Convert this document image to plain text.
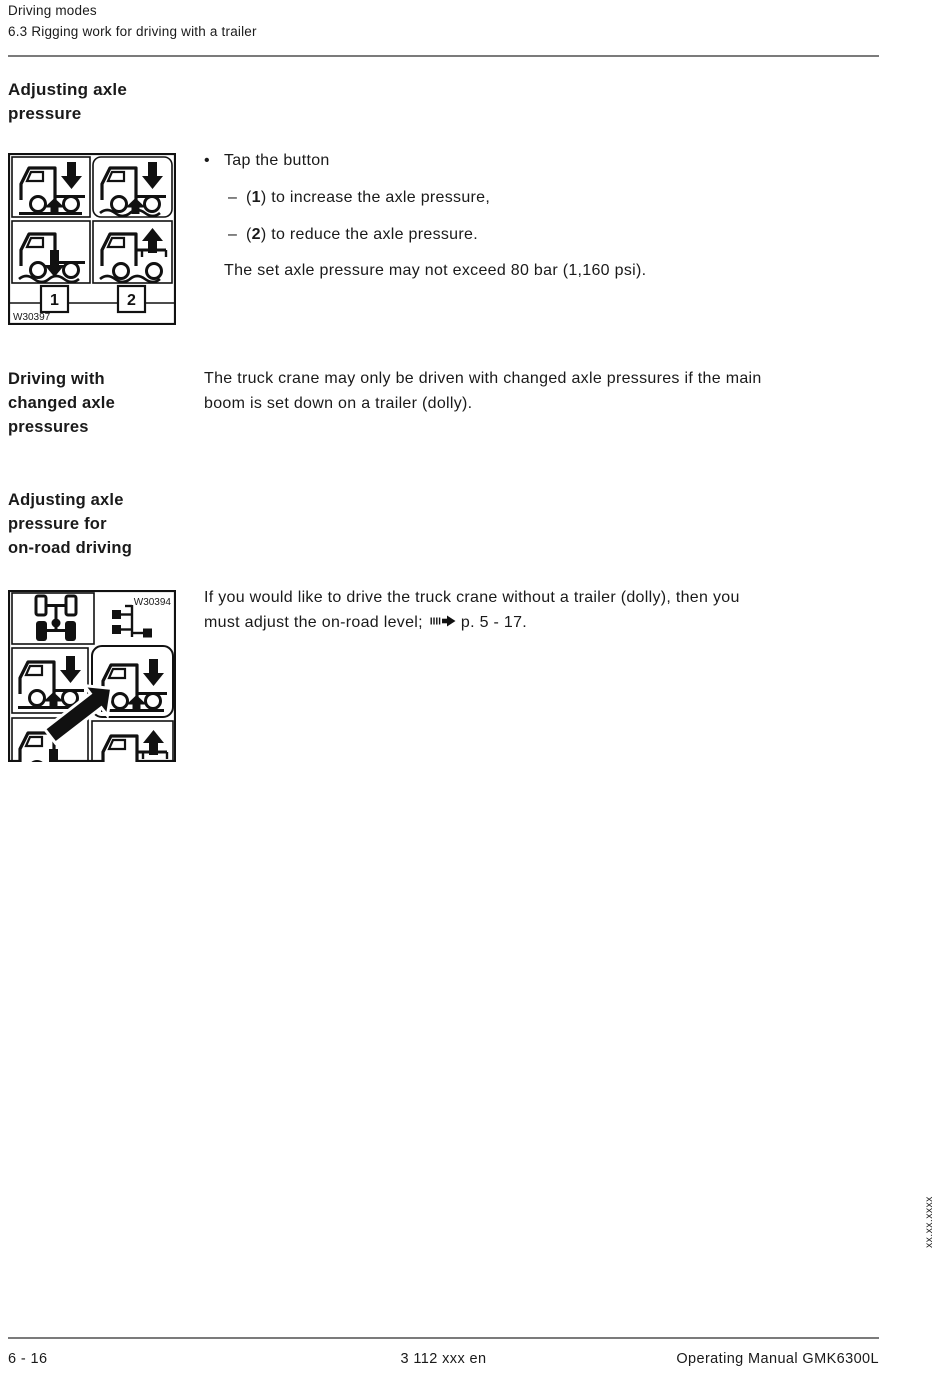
Driving modes
6.3 Rigging work for driving with a trailer
Adjusting axle
pressure
1	2
W30397
• Tap the button
– (1) to increase the axle pressure,
– (2) to reduce the axle pressure.
The set axle pressure may not exceed 80 bar (1,160 psi).
Driving with
changed axle
pressures
The truck crane may only be driven with changed axle pressures if the main
boom is set down on a trailer (dolly).
Adjusting axle
pressure for
on-road driving
W30394 If you would like to drive the truck crane without a trailer (dolly), then you
must adjust the on-road level; p. 5 - 17.
xx.xx.xxxx
6 - 16	3 112 xxx en	Operating Manual GMK6300L
